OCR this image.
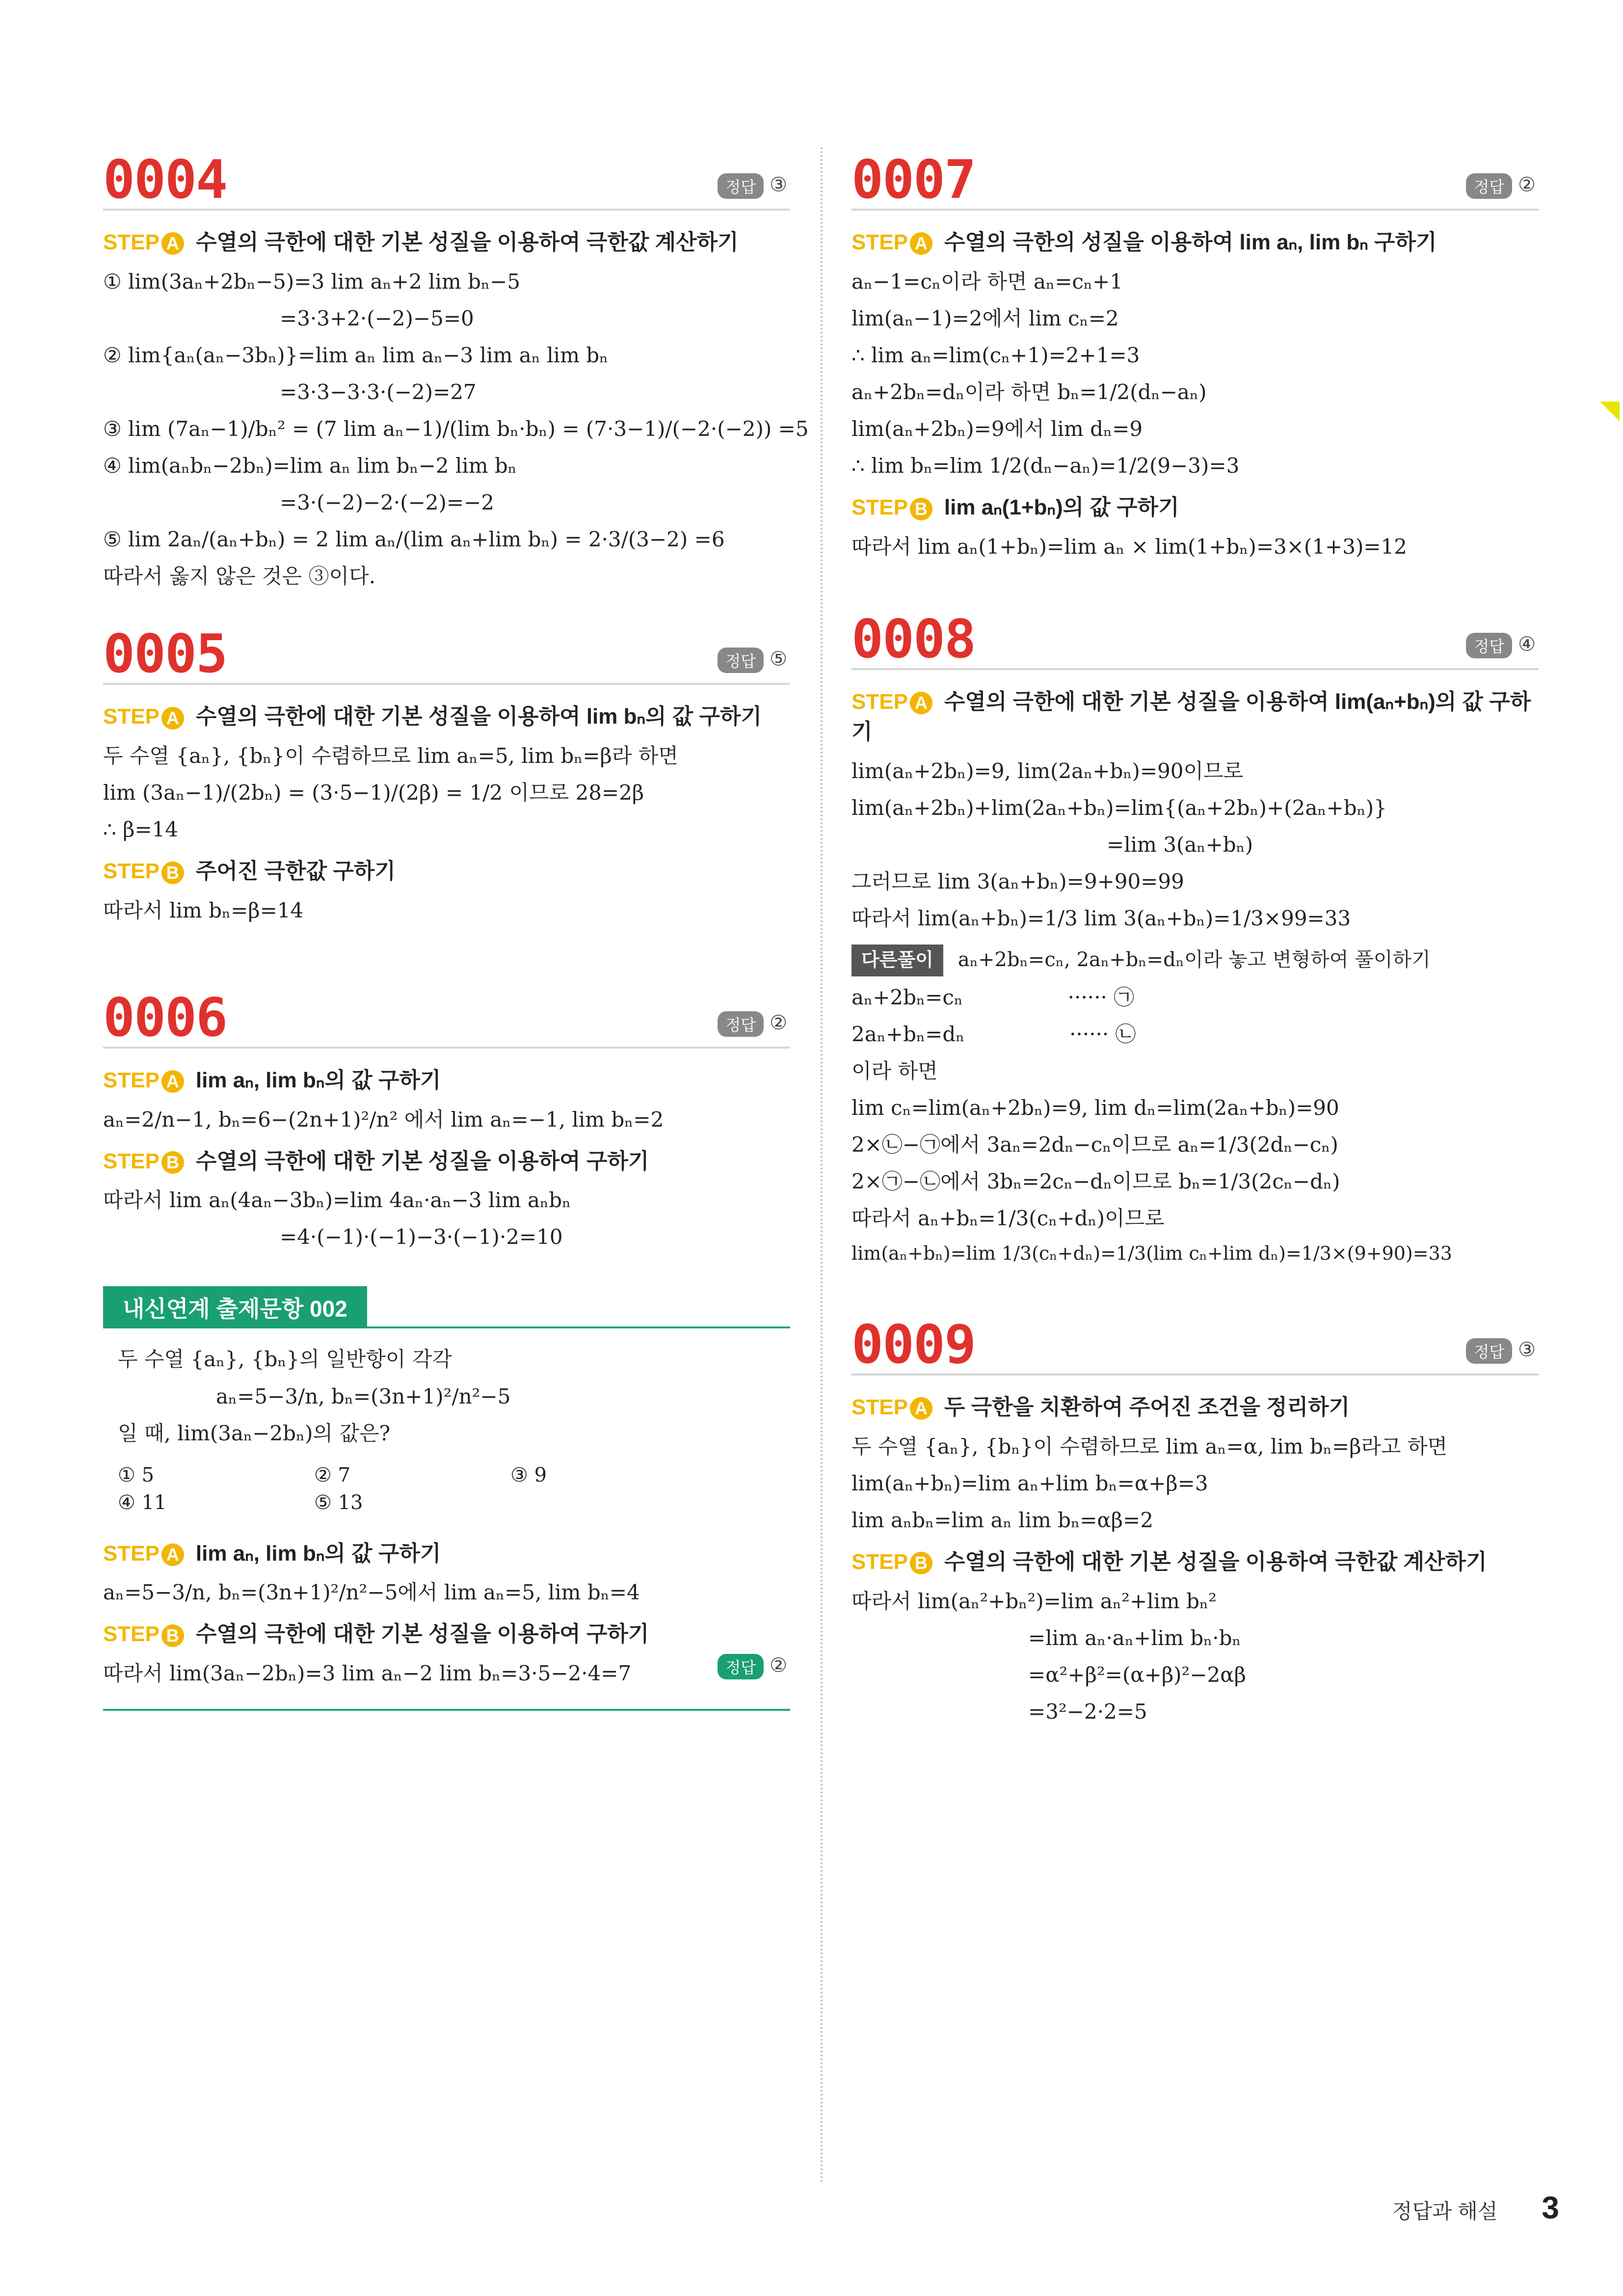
0004	정답 ③
STEP A 수열의 극한에 대한 기본 성질을 이용하여 극한값 계산하기
① lim(3aₙ+2bₙ−5)=3 lim aₙ+2 lim bₙ−5
=3·3+2·(−2)−5=0
② lim{aₙ(aₙ−3bₙ)}=lim aₙ lim aₙ−3 lim aₙ lim bₙ
=3·3−3·3·(−2)=27
③ lim (7aₙ−1)/bₙ² = (7 lim aₙ−1)/(lim bₙ·bₙ) = (7·3−1)/(−2·(−2)) =5
④ lim(aₙbₙ−2bₙ)=lim aₙ lim bₙ−2 lim bₙ
=3·(−2)−2·(−2)=−2
⑤ lim 2aₙ/(aₙ+bₙ) = 2 lim aₙ/(lim aₙ+lim bₙ) = 2·3/(3−2) =6
따라서 옳지 않은 것은 ③이다.
0005	정답 ⑤
STEP A 수열의 극한에 대한 기본 성질을 이용하여 lim bₙ의 값 구하기
두 수열 {aₙ}, {bₙ}이 수렴하므로 lim aₙ=5, lim bₙ=β라 하면
lim (3aₙ−1)/(2bₙ) = (3·5−1)/(2β) = 1/2 이므로 28=2β
∴ β=14
STEP B 주어진 극한값 구하기
따라서 lim bₙ=β=14
0006	정답 ②
STEP A lim aₙ, lim bₙ의 값 구하기
aₙ=2/n−1, bₙ=6−(2n+1)²/n² 에서 lim aₙ=−1, lim bₙ=2
STEP B 수열의 극한에 대한 기본 성질을 이용하여 구하기
따라서 lim aₙ(4aₙ−3bₙ)=lim 4aₙ·aₙ−3 lim aₙbₙ
=4·(−1)·(−1)−3·(−1)·2=10
내신연계 출제문항 002
두 수열 {aₙ}, {bₙ}의 일반항이 각각
aₙ=5−3/n, bₙ=(3n+1)²/n²−5
일 때, lim(3aₙ−2bₙ)의 값은?
① 5	② 7	③ 9
④ 11	⑤ 13
STEP A lim aₙ, lim bₙ의 값 구하기
aₙ=5−3/n, bₙ=(3n+1)²/n²−5에서 lim aₙ=5, lim bₙ=4
STEP B 수열의 극한에 대한 기본 성질을 이용하여 구하기
따라서 lim(3aₙ−2bₙ)=3 lim aₙ−2 lim bₙ=3·5−2·4=7	정답 ②
0007	정답 ②
STEP A 수열의 극한의 성질을 이용하여 lim aₙ, lim bₙ 구하기
aₙ−1=cₙ이라 하면 aₙ=cₙ+1
lim(aₙ−1)=2에서 lim cₙ=2
∴ lim aₙ=lim(cₙ+1)=2+1=3
aₙ+2bₙ=dₙ이라 하면 bₙ=1/2(dₙ−aₙ)
lim(aₙ+2bₙ)=9에서 lim dₙ=9
∴ lim bₙ=lim 1/2(dₙ−aₙ)=1/2(9−3)=3
STEP B lim aₙ(1+bₙ)의 값 구하기
따라서 lim aₙ(1+bₙ)=lim aₙ × lim(1+bₙ)=3×(1+3)=12
0008	정답 ④
STEP A 수열의 극한에 대한 기본 성질을 이용하여 lim(aₙ+bₙ)의 값 구하기
lim(aₙ+2bₙ)=9, lim(2aₙ+bₙ)=90이므로
lim(aₙ+2bₙ)+lim(2aₙ+bₙ)=lim{(aₙ+2bₙ)+(2aₙ+bₙ)}
=lim 3(aₙ+bₙ)
그러므로 lim 3(aₙ+bₙ)=9+90=99
따라서 lim(aₙ+bₙ)=1/3 lim 3(aₙ+bₙ)=1/3×99=33
다른풀이 aₙ+2bₙ=cₙ, 2aₙ+bₙ=dₙ이라 놓고 변형하여 풀이하기
aₙ+2bₙ=cₙ                ······ ㉠
2aₙ+bₙ=dₙ                ······ ㉡
이라 하면
lim cₙ=lim(aₙ+2bₙ)=9, lim dₙ=lim(2aₙ+bₙ)=90
2×㉡−㉠에서 3aₙ=2dₙ−cₙ이므로 aₙ=1/3(2dₙ−cₙ)
2×㉠−㉡에서 3bₙ=2cₙ−dₙ이므로 bₙ=1/3(2cₙ−dₙ)
따라서 aₙ+bₙ=1/3(cₙ+dₙ)이므로
lim(aₙ+bₙ)=lim 1/3(cₙ+dₙ)=1/3(lim cₙ+lim dₙ)=1/3×(9+90)=33
0009	정답 ③
STEP A 두 극한을 치환하여 주어진 조건을 정리하기
두 수열 {aₙ}, {bₙ}이 수렴하므로 lim aₙ=α, lim bₙ=β라고 하면
lim(aₙ+bₙ)=lim aₙ+lim bₙ=α+β=3
lim aₙbₙ=lim aₙ lim bₙ=αβ=2
STEP B 수열의 극한에 대한 기본 성질을 이용하여 극한값 계산하기
따라서 lim(aₙ²+bₙ²)=lim aₙ²+lim bₙ²
=lim aₙ·aₙ+lim bₙ·bₙ
=α²+β²=(α+β)²−2αβ
=3²−2·2=5
정답과 해설 3
